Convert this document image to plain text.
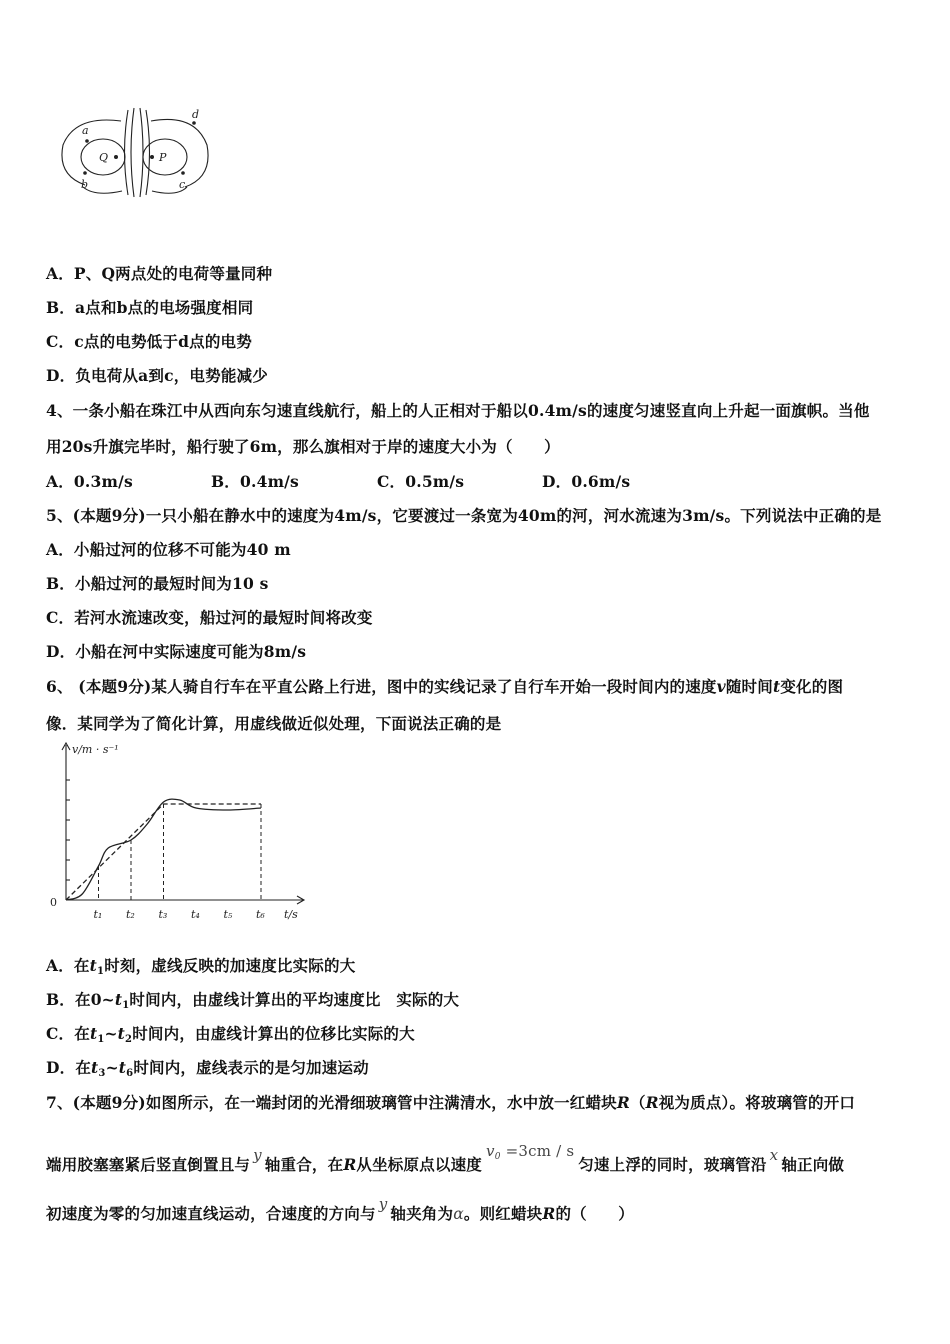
a
b	c
d
Q	P
A．P、Q两点处的电荷等量同种
B．a点和b点的电场强度相同
C．c点的电势低于d点的电势
D．负电荷从a到c，电势能减少
4、一条小船在珠江中从西向东匀速直线航行，船上的人正相对于船以0.4m/s的速度匀速竖直向上升起一面旗帜。当他
用20s升旗完毕时，船行驶了6m，那么旗相对于岸的速度大小为（　　）
A．0.3m/s	B．0.4m/s	C．0.5m/s	D．0.6m/s
5、(本题9分)一只小船在静水中的速度为4m/s，它要渡过一条宽为40m的河，河水流速为3m/s。下列说法中正确的是
A．小船过河的位移不可能为40 m
B．小船过河的最短时间为10 s
C．若河水流速改变，船过河的最短时间将改变
D．小船在河中实际速度可能为8m/s
6、 (本题9分)某人骑自行车在平直公路上行进，图中的实线记录了自行车开始一段时间内的速度v随时间t变化的图
像．某同学为了简化计算，用虚线做近似处理，下面说法正确的是
v/m · s⁻¹
t/s
0
t₁ t₂ t₃ t₄ t₅ t₆
A．在$t_1$时刻，虚线反映的加速度比实际的大
B．在$0\sim t_1$时间内，由虚线计算出的平均速度比　实际的大
C．在$t_1\sim t_2$时间内，由虚线计算出的位移比实际的大
D．在$t_3\sim t_6$时间内，虚线表示的是匀加速运动
7、(本题9分)如图所示，在一端封闭的光滑细玻璃管中注满清水，水中放一红蜡块R（R视为质点）。将玻璃管的开口
端用胶塞塞紧后竖直倒置且与 y 轴重合，在R从坐标原点以速度$v_0 =3cm / s$匀速上浮的同时，玻璃管沿 x 轴正向做
初速度为零的匀加速直线运动，合速度的方向与 y 轴夹角为α。则红蜡块R的（　　）
